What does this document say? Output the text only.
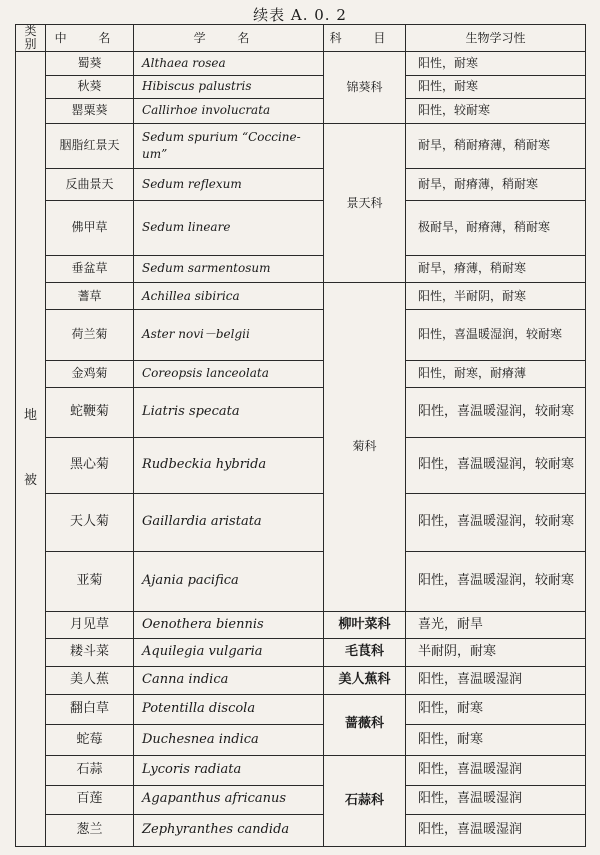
续表 A. 0. 2
类别	中 名	学 名	科 目	生物学习性

地
被	蜀葵	Althaea rosea	锦葵科	阳性，耐寒
	秋葵	Hibiscus palustris		阳性，耐寒
	罂粟葵	Callirhoe involucrata		阳性，较耐寒
	胭脂红景天	Sedum spurium “Coccine-um”	景天科	耐旱，稍耐瘠薄，稍耐寒
	反曲景天	Sedum reflexum		耐旱，耐瘠薄，稍耐寒
	佛甲草	Sedum lineare		极耐旱，耐瘠薄，稍耐寒
	垂盆草	Sedum sarmentosum		耐旱，瘠薄，稍耐寒
	蓍草	Achillea sibirica	菊科	阳性，半耐阴，耐寒
	荷兰菊	Aster novi－belgii		阳性，喜温暖湿润，较耐寒
	金鸡菊	Coreopsis lanceolata		阳性，耐寒，耐瘠薄
	蛇鞭菊	Liatris specata		阳性，喜温暖湿润，较耐寒
	黑心菊	Rudbeckia hybrida		阳性，喜温暖湿润，较耐寒
	天人菊	Gaillardia aristata		阳性，喜温暖湿润，较耐寒
	亚菊	Ajania pacifica		阳性，喜温暖湿润，较耐寒
	月见草	Oenothera biennis	柳叶菜科	喜光，耐旱
	耧斗菜	Aquilegia vulgaria	毛茛科	半耐阴，耐寒
	美人蕉	Canna indica	美人蕉科	阳性，喜温暖湿润
	翻白草	Potentilla discola	蔷薇科	阳性，耐寒
	蛇莓	Duchesnea indica		阳性，耐寒
	石蒜	Lycoris radiata	石蒜科	阳性，喜温暖湿润
	百莲	Agapanthus africanus		阳性，喜温暖湿润
	葱兰	Zephyranthes candida		阳性，喜温暖湿润
